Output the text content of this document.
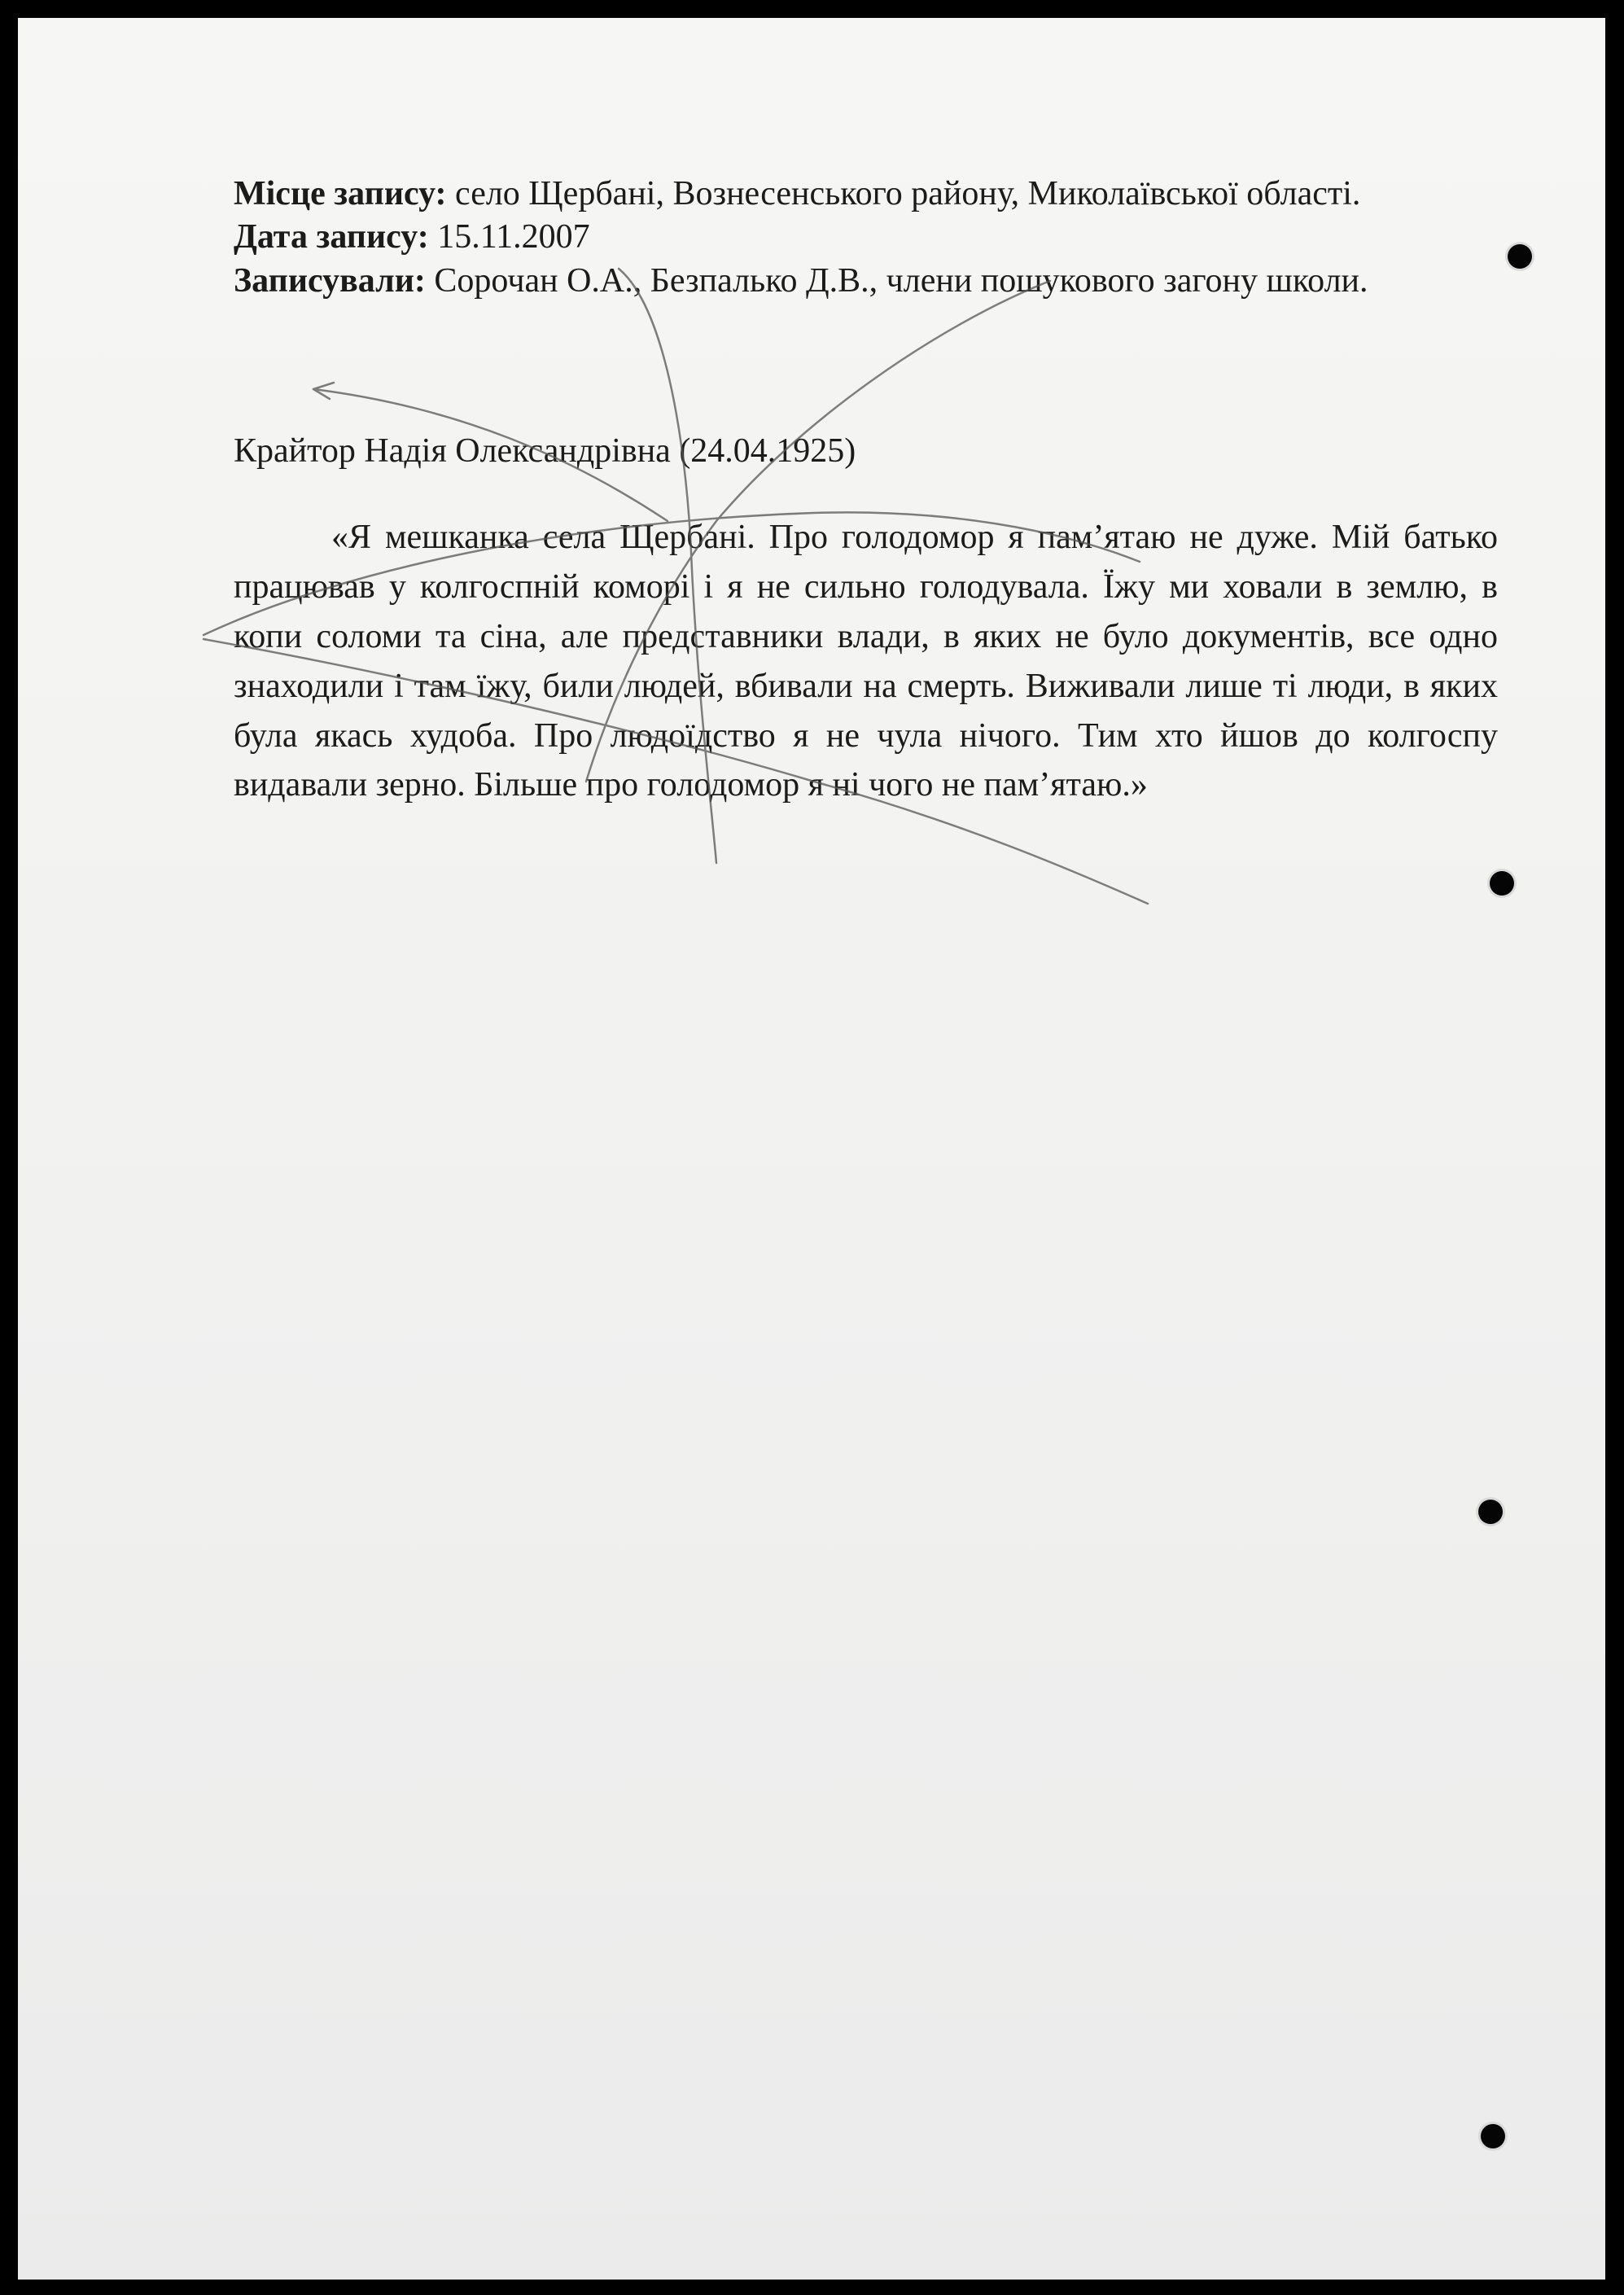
Місце запису: село Щербані, Вознесенського району, Миколаївської області.

Дата запису: 15.11.2007

Записували: Сорочан О.А., Безпалько Д.В., члени пошукового загону школи.

Крайтор Надія Олександрівна (24.04.1925)

«Я мешканка села Щербані. Про голодомор я пам’ятаю не дуже. Мій батько працював у колгоспній коморі і я не сильно голодувала. Їжу ми ховали в землю, в копи соломи та сіна, але представники влади, в яких не було документів, все одно знаходили і там їжу, били людей, вбивали на смерть. Виживали лише ті люди, в яких була якась худоба. Про людоїдство я не чула нічого. Тим хто йшов до колгоспу видавали зерно. Більше про голодомор я ні чого не пам’ятаю.»
